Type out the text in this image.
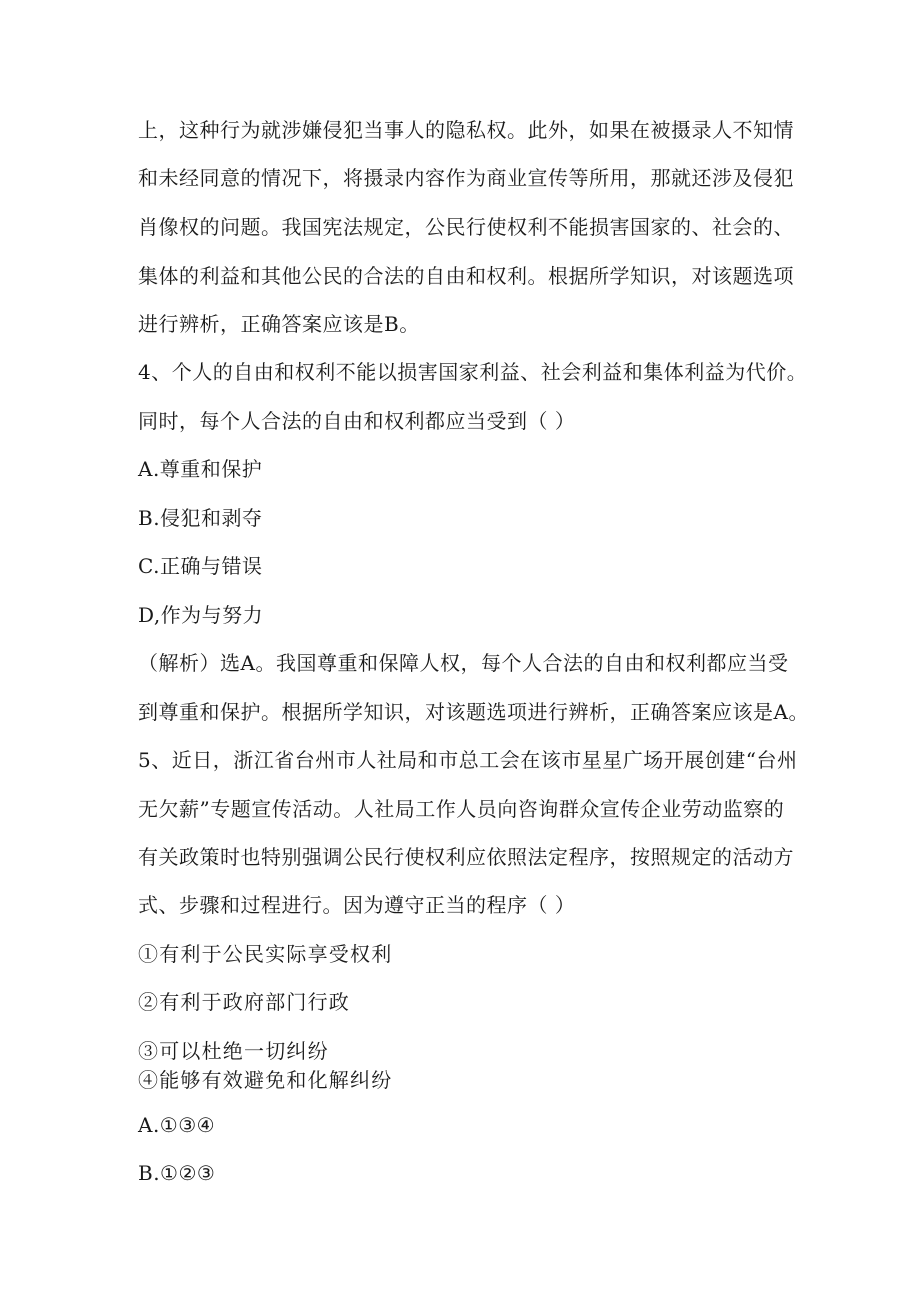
上，这种行为就涉嫌侵犯当事人的隐私权。此外，如果在被摄录人不知情
和未经同意的情况下，将摄录内容作为商业宣传等所用，那就还涉及侵犯
肖像权的问题。我国宪法规定，公民行使权利不能损害国家的、社会的、
集体的利益和其他公民的合法的自由和权利。根据所学知识，对该题选项
进行辨析，正确答案应该是B。
4、个人的自由和权利不能以损害国家利益、社会利益和集体利益为代价。
同时，每个人合法的自由和权利都应当受到（ ）
A.尊重和保护
B.侵犯和剥夺
C.正确与错误
D,作为与努力
（解析）选A。我国尊重和保障人权，每个人合法的自由和权利都应当受
到尊重和保护。根据所学知识，对该题选项进行辨析，正确答案应该是A。
5、近日，浙江省台州市人社局和市总工会在该市星星广场开展创建“台州
无欠薪”专题宣传活动。人社局工作人员向咨询群众宣传企业劳动监察的
有关政策时也特别强调公民行使权利应依照法定程序，按照规定的活动方
式、步骤和过程进行。因为遵守正当的程序（ ）
①有利于公民实际享受权利
②有利于政府部门行政
③可以杜绝一切纠纷
④能够有效避免和化解纠纷
A.①③④
B.①②③
